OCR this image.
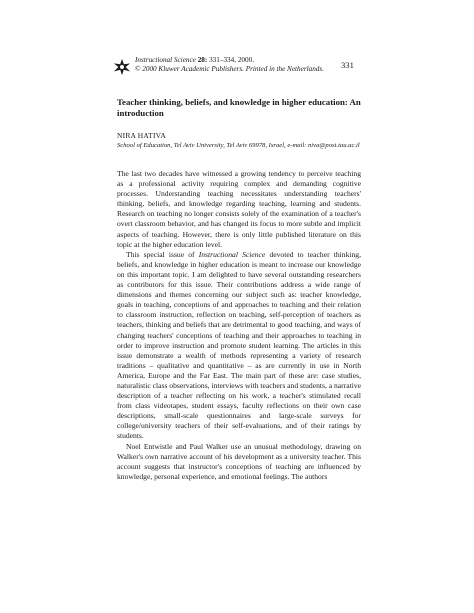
Instructional Science 28: 331–334, 2000.
© 2000 Kluwer Academic Publishers. Printed in the Netherlands. 331
Teacher thinking, beliefs, and knowledge in higher education: An introduction
NIRA HATIVA
School of Education, Tel Aviv University, Tel Aviv 69978, Israel, e-mail: niva@post.tau.ac.il

The last two decades have witnessed a growing tendency to perceive teaching as a professional activity requiring complex and demanding cognitive processes. Understanding teaching necessitates understanding teachers' thinking, beliefs, and knowledge regarding teaching, learning and students. Research on teaching no longer consists solely of the examination of a teacher's overt classroom behavior, and has changed its focus to more subtle and implicit aspects of teaching. However, there is only little published literature on this topic at the higher education level.

This special issue of Instructional Science devoted to teacher thinking, beliefs, and knowledge in higher education is meant to increase our knowledge on this important topic. I am delighted to have several outstanding researchers as contributors for this issue. Their contributions address a wide range of dimensions and themes concerning our subject such as: teacher knowledge, goals in teaching, conceptions of and approaches to teaching and their relation to classroom instruction, reflection on teaching, self-perception of teachers as teachers, thinking and beliefs that are detrimental to good teaching, and ways of changing teachers' conceptions of teaching and their approaches to teaching in order to improve instruction and promote student learning. The articles in this issue demonstrate a wealth of methods representing a variety of research traditions – qualitative and quantitative – as are currently in use in North America, Europe and the Far East. The main part of these are: case studies, naturalistic class observations, interviews with teachers and students, a narrative description of a teacher reflecting on his work, a teacher's stimulated recall from class videotapes, student essays, faculty reflections on their own case descriptions, small-scale questionnaires and large-scale surveys for college/university teachers of their self-evaluations, and of their ratings by students.

Noel Entwistle and Paul Walker use an unusual methodology, drawing on Walker's own narrative account of his development as a university teacher. This account suggests that instructor's conceptions of teaching are influenced by knowledge, personal experience, and emotional feelings. The authors
